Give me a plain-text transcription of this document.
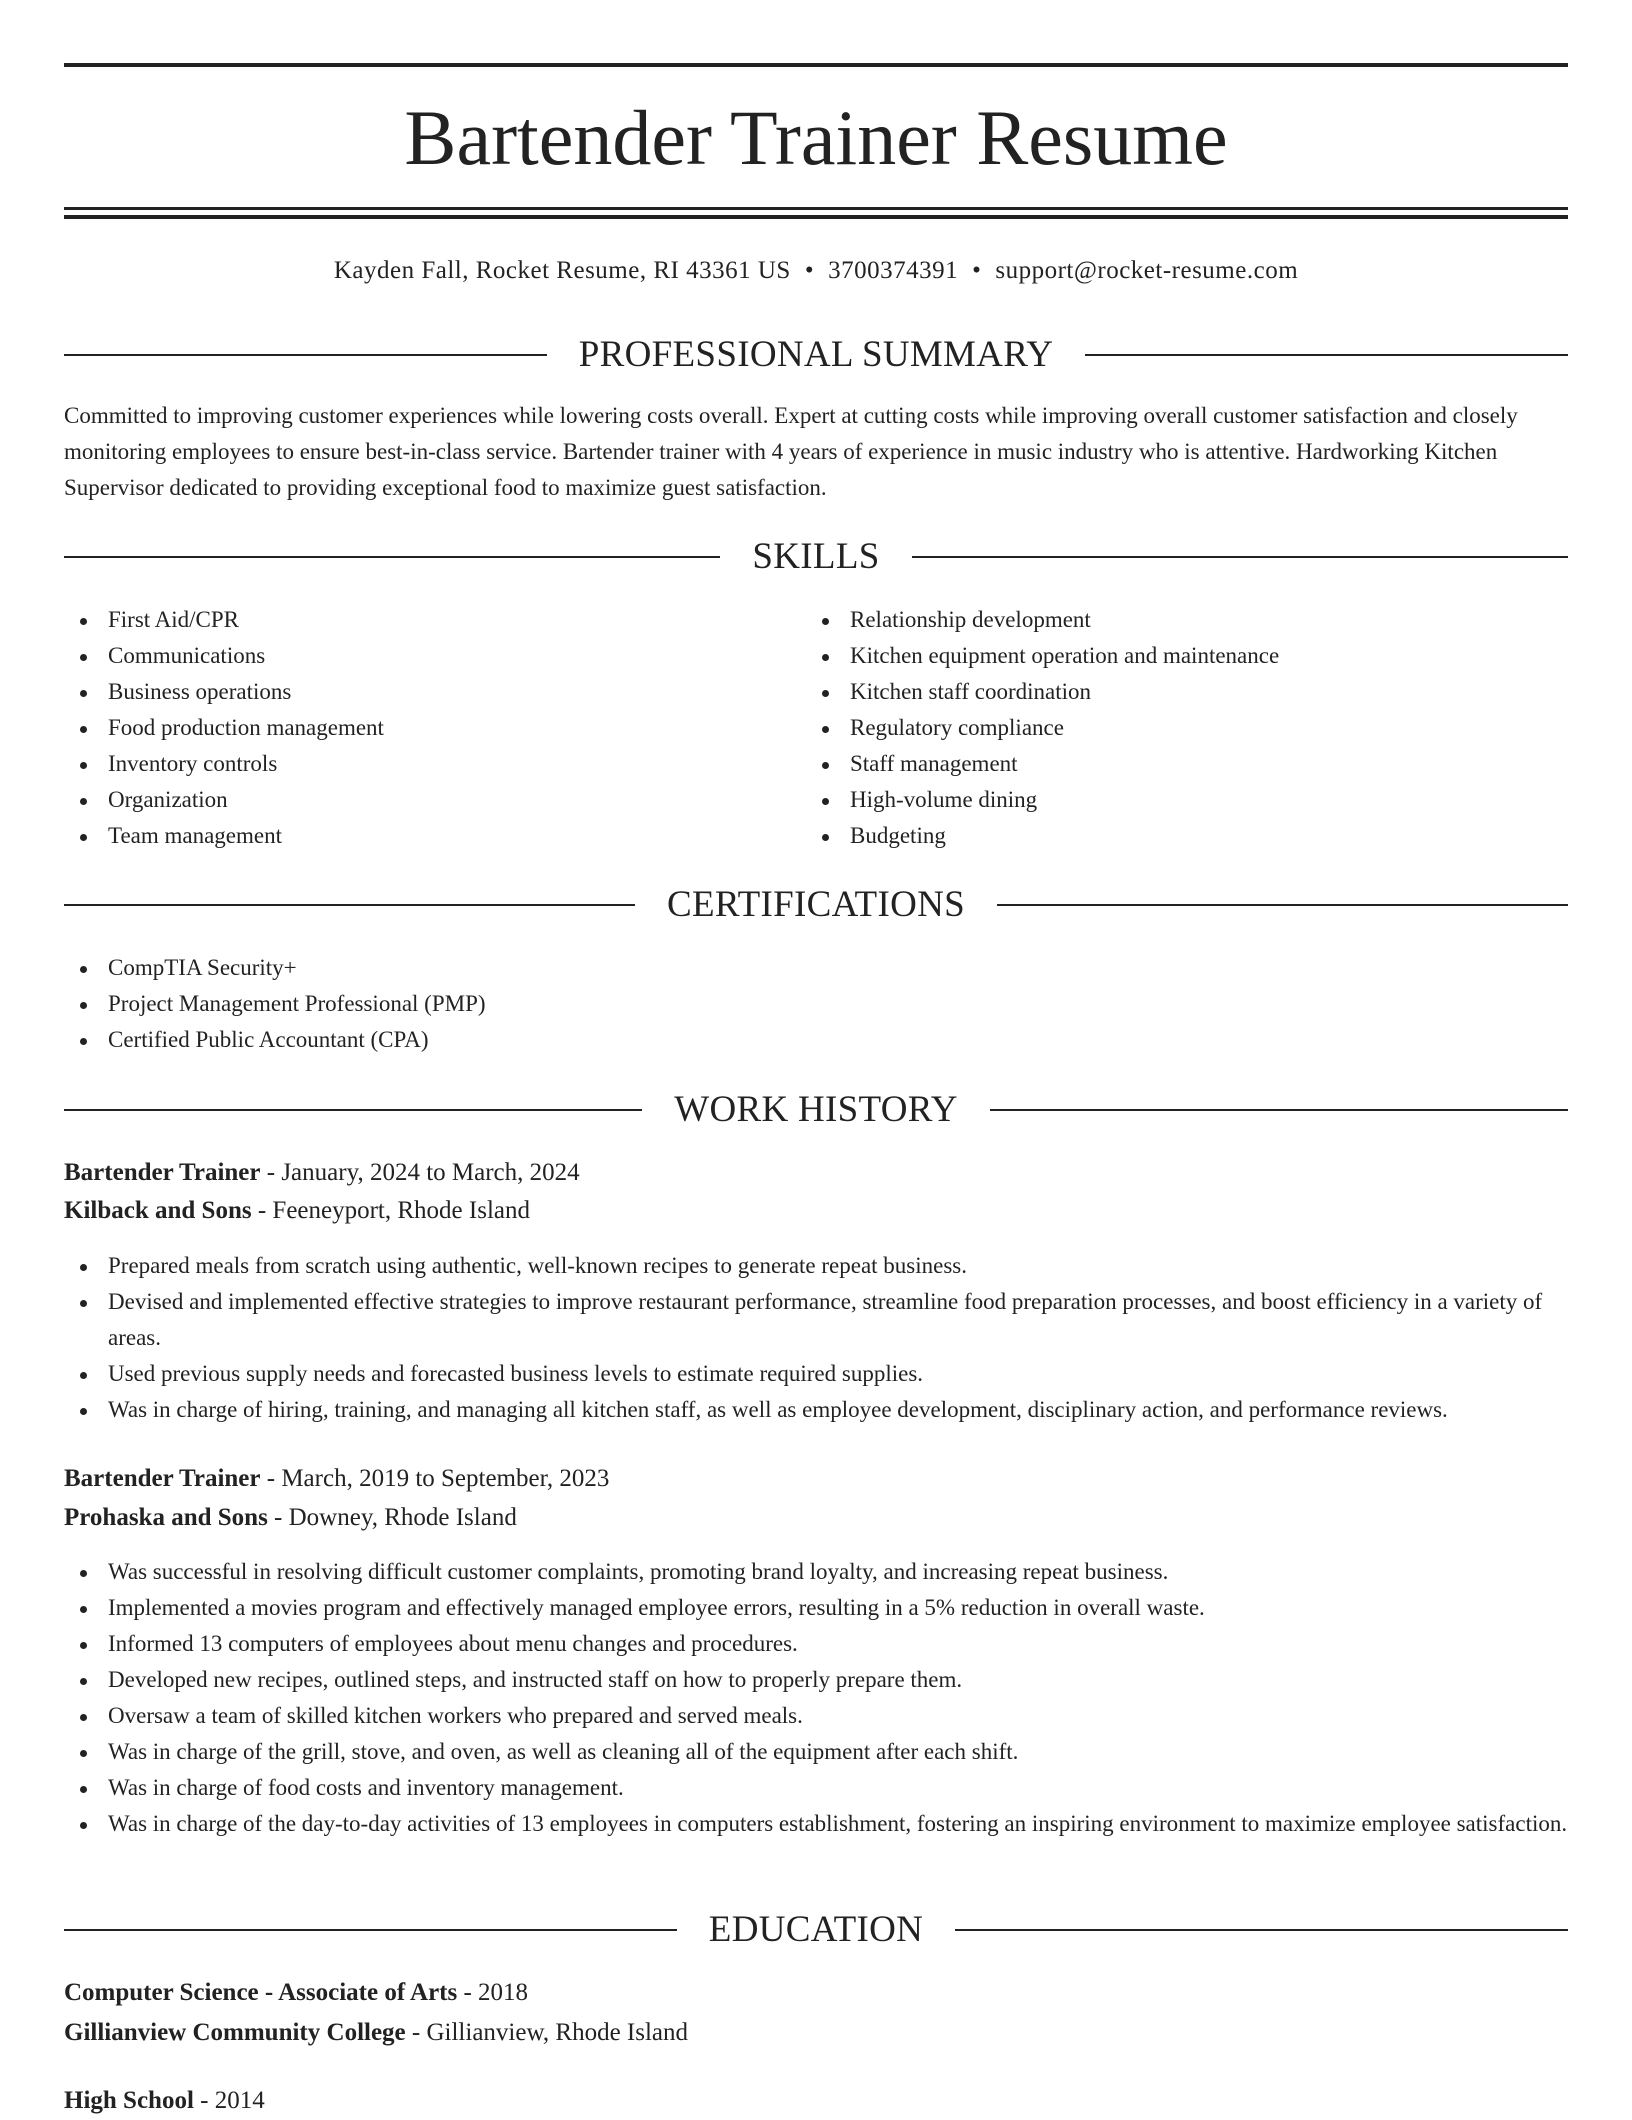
Bartender Trainer Resume
Kayden Fall, Rocket Resume, RI 43361 US • 3700374391 • support@rocket-resume.com
PROFESSIONAL SUMMARY

Committed to improving customer experiences while lowering costs overall. Expert at cutting costs while improving overall customer satisfaction and closely monitoring employees to ensure best-in-class service. Bartender trainer with 4 years of experience in music industry who is attentive. Hardworking Kitchen Supervisor dedicated to providing exceptional food to maximize guest satisfaction.

SKILLS
First Aid/CPR
Communications
Business operations
Food production management
Inventory controls
Organization
Team management
Relationship development
Kitchen equipment operation and maintenance
Kitchen staff coordination
Regulatory compliance
Staff management
High-volume dining
Budgeting
CERTIFICATIONS
CompTIA Security+
Project Management Professional (PMP)
Certified Public Accountant (CPA)
WORK HISTORY
Bartender Trainer - January, 2024 to March, 2024
Kilback and Sons - Feeneyport, Rhode Island
Prepared meals from scratch using authentic, well-known recipes to generate repeat business.
Devised and implemented effective strategies to improve restaurant performance, streamline food preparation processes, and boost efficiency in a variety of areas.
Used previous supply needs and forecasted business levels to estimate required supplies.
Was in charge of hiring, training, and managing all kitchen staff, as well as employee development, disciplinary action, and performance reviews.
Bartender Trainer - March, 2019 to September, 2023
Prohaska and Sons - Downey, Rhode Island
Was successful in resolving difficult customer complaints, promoting brand loyalty, and increasing repeat business.
Implemented a movies program and effectively managed employee errors, resulting in a 5% reduction in overall waste.
Informed 13 computers of employees about menu changes and procedures.
Developed new recipes, outlined steps, and instructed staff on how to properly prepare them.
Oversaw a team of skilled kitchen workers who prepared and served meals.
Was in charge of the grill, stove, and oven, as well as cleaning all of the equipment after each shift.
Was in charge of food costs and inventory management.
Was in charge of the day-to-day activities of 13 employees in computers establishment, fostering an inspiring environment to maximize employee satisfaction.
EDUCATION
Computer Science - Associate of Arts - 2018
Gillianview Community College - Gillianview, Rhode Island
High School - 2014
